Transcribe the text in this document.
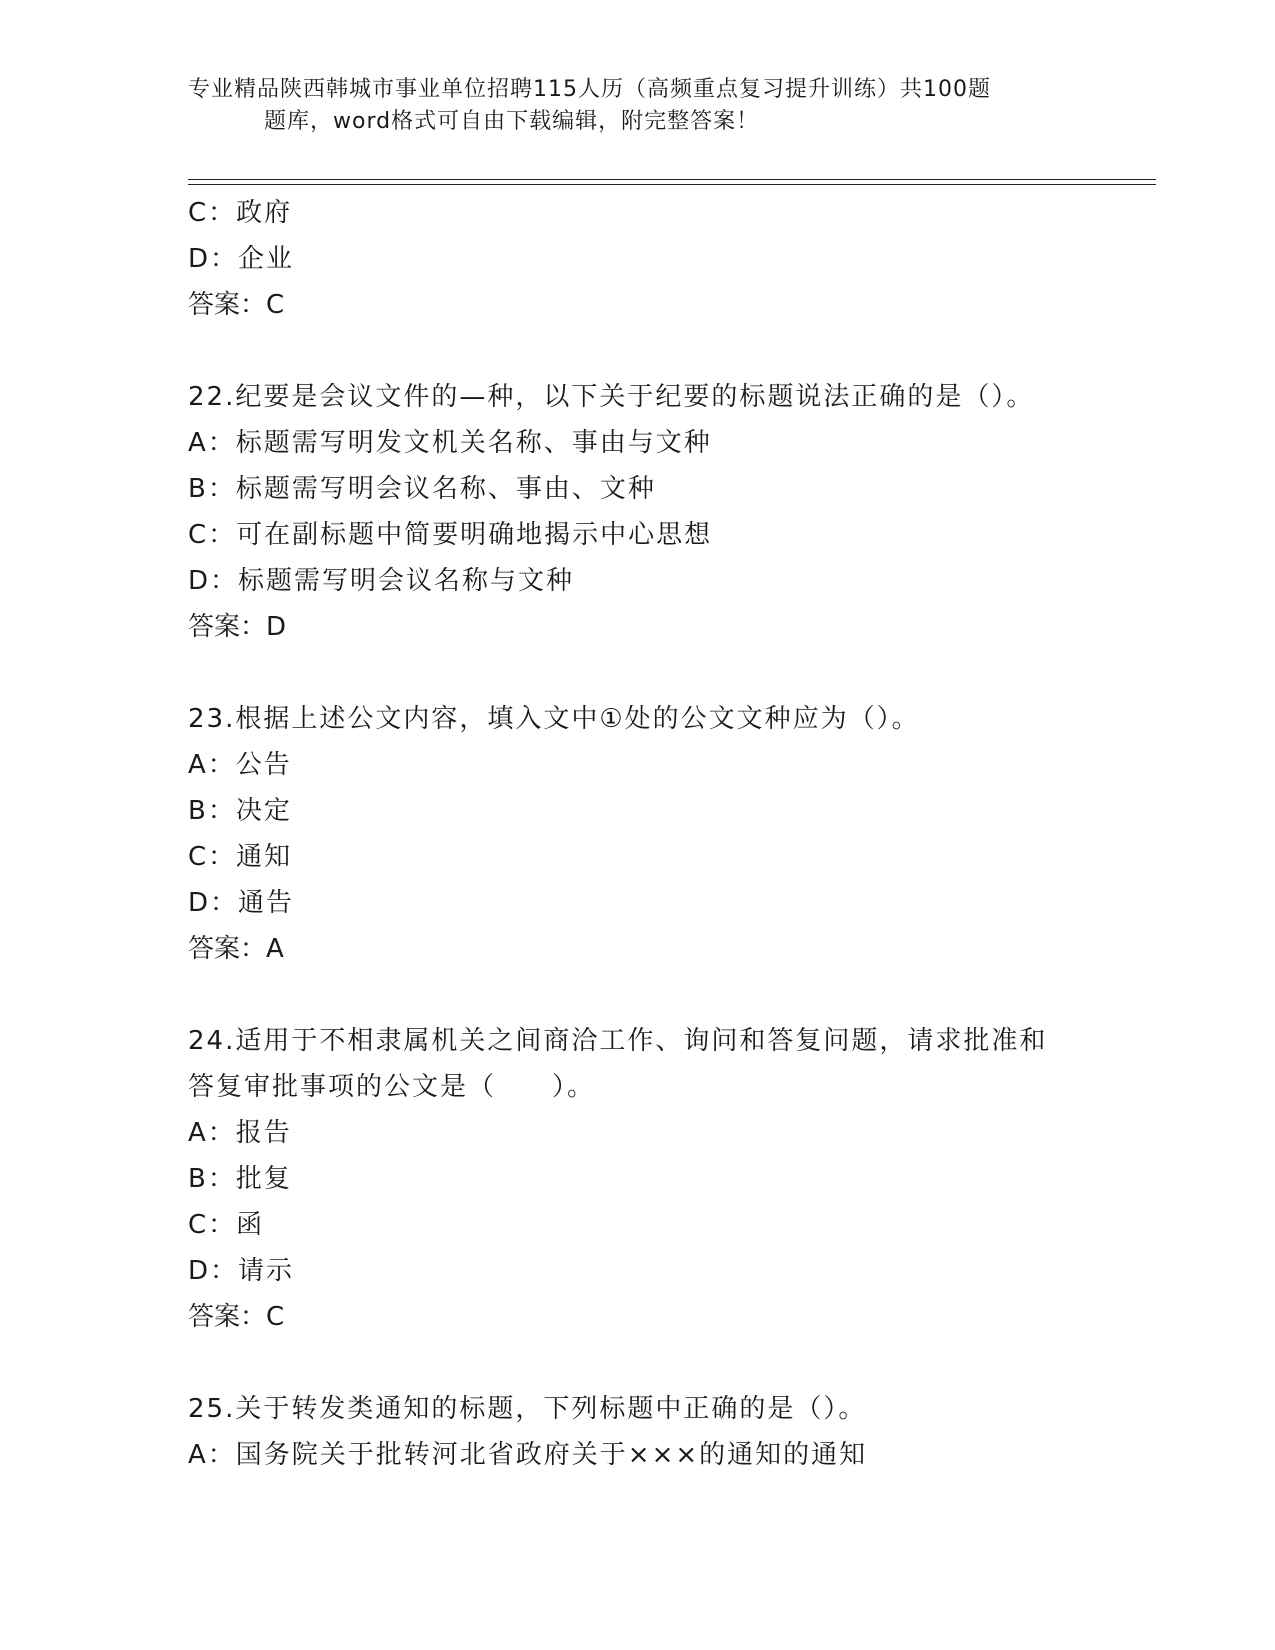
专业精品陕西韩城市事业单位招聘115人历（高频重点复习提升训练）共100题
题库，word格式可自由下载编辑，附完整答案！
C：政府
D：企业
答案：C
22.纪要是会议文件的—种，以下关于纪要的标题说法正确的是（）。
A：标题需写明发文机关名称、事由与文种
B：标题需写明会议名称、事由、文种
C：可在副标题中简要明确地揭示中心思想
D：标题需写明会议名称与文种
答案：D
23.根据上述公文内容，填入文中①处的公文文种应为（）。
A：公告
B：决定
C：通知
D：通告
答案：A
24.适用于不相隶属机关之间商洽工作、询问和答复问题，请求批准和
答复审批事项的公文是（　　）。
A：报告
B：批复
C：函
D：请示
答案：C
25.关于转发类通知的标题，下列标题中正确的是（）。
A：国务院关于批转河北省政府关于×××的通知的通知
